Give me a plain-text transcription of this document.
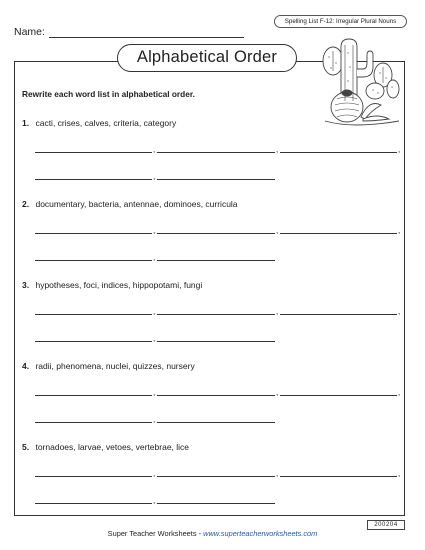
Name:
Spelling List F-12: Irregular Plural Nouns
Alphabetical Order
Rewrite each word list in alphabetical order.
1. cacti, crises, calves, criteria, category
,	,	,
,
2. documentary, bacteria, antennae, dominoes, curricula
,	,	,
,
3. hypotheses, foci, indices, hippopotami, fungi
,	,	,
,
4. radii, phenomena, nuclei, quizzes, nursery
,	,	,
,
5. tornadoes, larvae, vetoes, vertebrae, lice
,	,	,
,
200204
Super Teacher Worksheets - www.superteacherworksheets.com
